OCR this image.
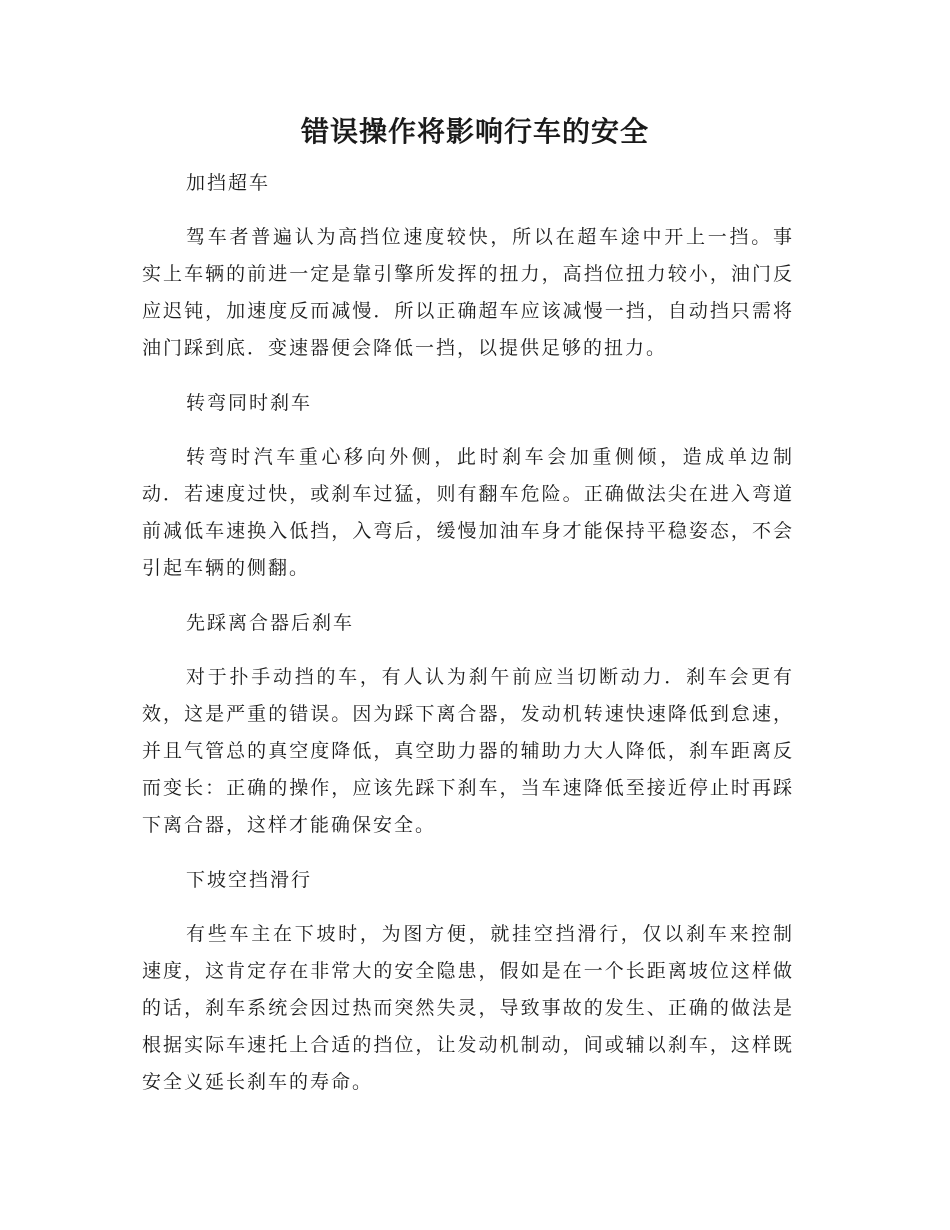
错误操作将影响行车的安全

加挡超车

驾车者普遍认为高挡位速度较快，所以在超车途中开上一挡。事实上车辆的前进一定是靠引擎所发挥的扭力，高挡位扭力较小，油门反应迟钝，加速度反而减慢．所以正确超车应该减慢一挡，自动挡只需将油门踩到底．变速器便会降低一挡，以提供足够的扭力。

转弯同时刹车

转弯时汽车重心移向外侧，此时刹车会加重侧倾，造成单边制动．若速度过快，或刹车过猛，则有翻车危险。正确做法尖在进入弯道前减低车速换入低挡，入弯后，缓慢加油车身才能保持平稳姿态，不会引起车辆的侧翻。

先踩离合器后刹车

对于扑手动挡的车，有人认为刹午前应当切断动力．刹车会更有效，这是严重的错误。因为踩下离合器，发动机转速快速降低到怠速，并且气管总的真空度降低，真空助力器的辅助力大人降低，刹车距离反而变长：正确的操作，应该先踩下刹车，当车速降低至接近停止时再踩下离合器，这样才能确保安全。

下坡空挡滑行

有些车主在下坡时，为图方便，就挂空挡滑行，仅以刹车来控制速度，这肯定存在非常大的安全隐患，假如是在一个长距离坡位这样做的话，刹车系统会因过热而突然失灵，导致事故的发生、正确的做法是根据实际车速托上合适的挡位，让发动机制动，间或辅以刹车，这样既安全义延长刹车的寿命。
